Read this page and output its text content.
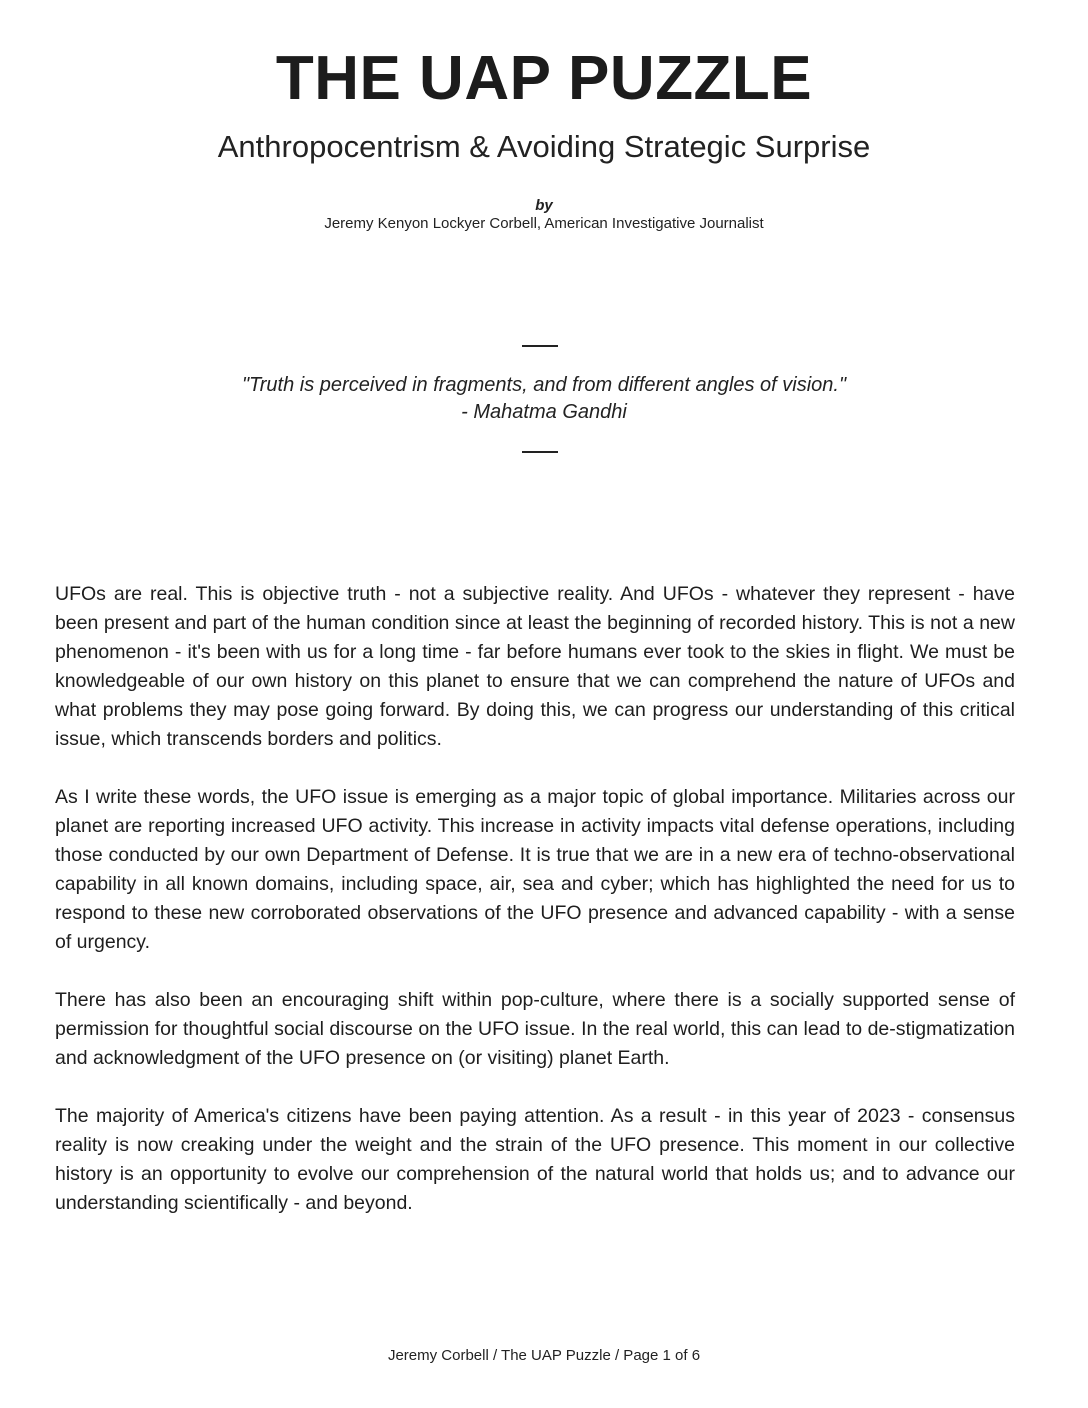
THE UAP PUZZLE
Anthropocentrism & Avoiding Strategic Surprise
by
Jeremy Kenyon Lockyer Corbell, American Investigative Journalist
"Truth is perceived in fragments, and from different angles of vision."
- Mahatma Gandhi

UFOs are real. This is objective truth - not a subjective reality. And UFOs - whatever they represent - have been present and part of the human condition since at least the beginning of recorded history. This is not a new phenomenon - it's been with us for a long time - far before humans ever took to the skies in flight. We must be knowledgeable of our own history on this planet to ensure that we can comprehend the nature of UFOs and what problems they may pose going forward. By doing this, we can progress our understanding of this critical issue, which transcends borders and politics.

As I write these words, the UFO issue is emerging as a major topic of global importance. Militaries across our planet are reporting increased UFO activity. This increase in activity impacts vital defense operations, including those conducted by our own Department of Defense. It is true that we are in a new era of techno-observational capability in all known domains, including space, air, sea and cyber; which has highlighted the need for us to respond to these new corroborated observations of the UFO presence and advanced capability - with a sense of urgency.

There has also been an encouraging shift within pop-culture, where there is a socially supported sense of permission for thoughtful social discourse on the UFO issue. In the real world, this can lead to de-stigmatization and acknowledgment of the UFO presence on (or visiting) planet Earth.

The majority of America's citizens have been paying attention. As a result - in this year of 2023 - consensus reality is now creaking under the weight and the strain of the UFO presence. This moment in our collective history is an opportunity to evolve our comprehension of the natural world that holds us; and to advance our understanding scientifically - and beyond.

Jeremy Corbell / The UAP Puzzle / Page 1 of 6
